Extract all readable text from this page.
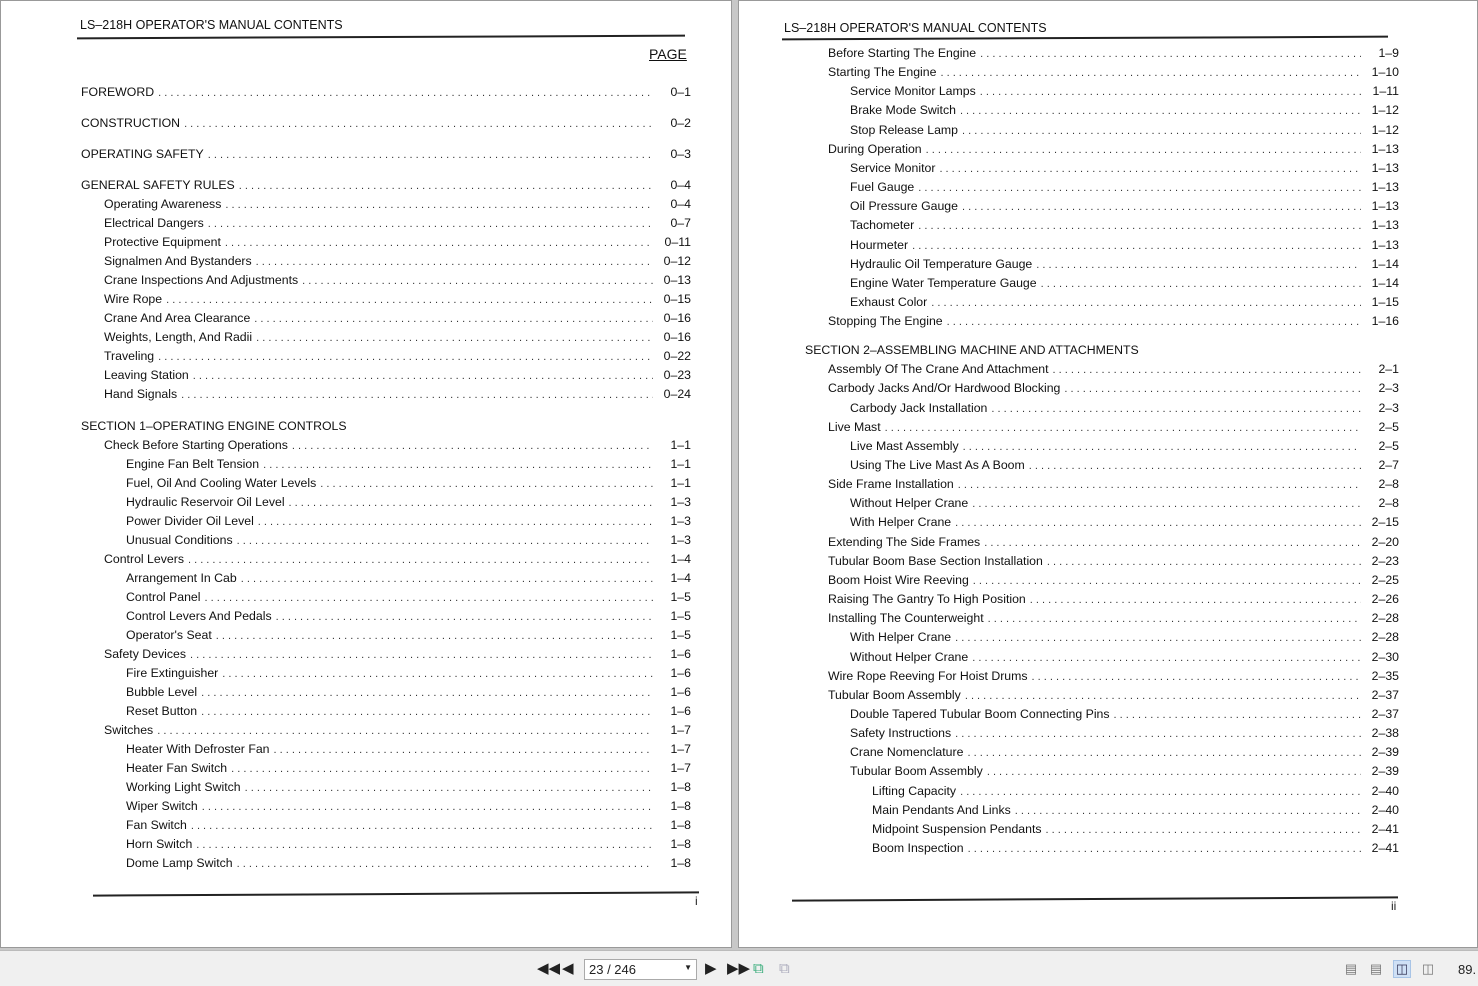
LS–218H OPERATOR'S MANUAL CONTENTS
PAGE
FOREWORD . . .	0–1
CONSTRUCTION . . .	0–2
OPERATING SAFETY . . .	0–3
GENERAL SAFETY RULES . . .	0–4
Operating Awareness . . .	0–4
Electrical Dangers . . .	0–7
Protective Equipment . . .	0–11
Signalmen And Bystanders . . .	0–12
Crane Inspections And Adjustments . . .	0–13
Wire Rope . . .	0–15
Crane And Area Clearance . . .	0–16
Weights, Length, And Radii . . .	0–16
Traveling . . .	0–22
Leaving Station . . .	0–23
Hand Signals . . .	0–24
SECTION 1–OPERATING ENGINE CONTROLS
Check Before Starting Operations . . .	1–1
Engine Fan Belt Tension . . .	1–1
Fuel, Oil And Cooling Water Levels . . .	1–1
Hydraulic Reservoir Oil Level . . .	1–3
Power Divider Oil Level . . .	1–3
Unusual Conditions . . .	1–3
Control Levers . . .	1–4
Arrangement In Cab . . .	1–4
Control Panel . . .	1–5
Control Levers And Pedals . . .	1–5
Operator's Seat . . .	1–5
Safety Devices . . .	1–6
Fire Extinguisher . . .	1–6
Bubble Level . . .	1–6
Reset Button . . .	1–6
Switches . . .	1–7
Heater With Defroster Fan . . .	1–7
Heater Fan Switch . . .	1–7
Working Light Switch . . .	1–8
Wiper Switch . . .	1–8
Fan Switch . . .	1–8
Horn Switch . . .	1–8
Dome Lamp Switch . . .	1–8
i
LS–218H OPERATOR'S MANUAL CONTENTS
Before Starting The Engine . . .	1–9
Starting The Engine . . .	1–10
Service Monitor Lamps . . .	1–11
Brake Mode Switch . . .	1–12
Stop Release Lamp . . .	1–12
During Operation . . .	1–13
Service Monitor . . .	1–13
Fuel Gauge . . .	1–13
Oil Pressure Gauge . . .	1–13
Tachometer . . .	1–13
Hourmeter . . .	1–13
Hydraulic Oil Temperature Gauge . . .	1–14
Engine Water Temperature Gauge . . .	1–14
Exhaust Color . . .	1–15
Stopping The Engine . . .	1–16
SECTION 2–ASSEMBLING MACHINE AND ATTACHMENTS
Assembly Of The Crane And Attachment . . .	2–1
Carbody Jacks And/Or Hardwood Blocking . . .	2–3
Carbody Jack Installation . . .	2–3
Live Mast . . .	2–5
Live Mast Assembly . . .	2–5
Using The Live Mast As A Boom . . .	2–7
Side Frame Installation . . .	2–8
Without Helper Crane . . .	2–8
With Helper Crane . . .	2–15
Extending The Side Frames . . .	2–20
Tubular Boom Base Section Installation . . .	2–23
Boom Hoist Wire Reeving . . .	2–25
Raising The Gantry To High Position . . .	2–26
Installing The Counterweight . . .	2–28
With Helper Crane . . .	2–28
Without Helper Crane . . .	2–30
Wire Rope Reeving For Hoist Drums . . .	2–35
Tubular Boom Assembly . . .	2–37
Double Tapered Tubular Boom Connecting Pins . . .	2–37
Safety Instructions . . .	2–38
Crane Nomenclature . . .	2–39
Tubular Boom Assembly . . .	2–39
Lifting Capacity . . .	2–40
Main Pendants And Links . . .	2–40
Midpoint Suspension Pendants . . .	2–41
Boom Inspection . . .	2–41
ii
◀◀ ◀	23 / 246	▼ ▶ ▶▶ ⧉ ⧉	▤ ▤ ◫ ◫ 89.
